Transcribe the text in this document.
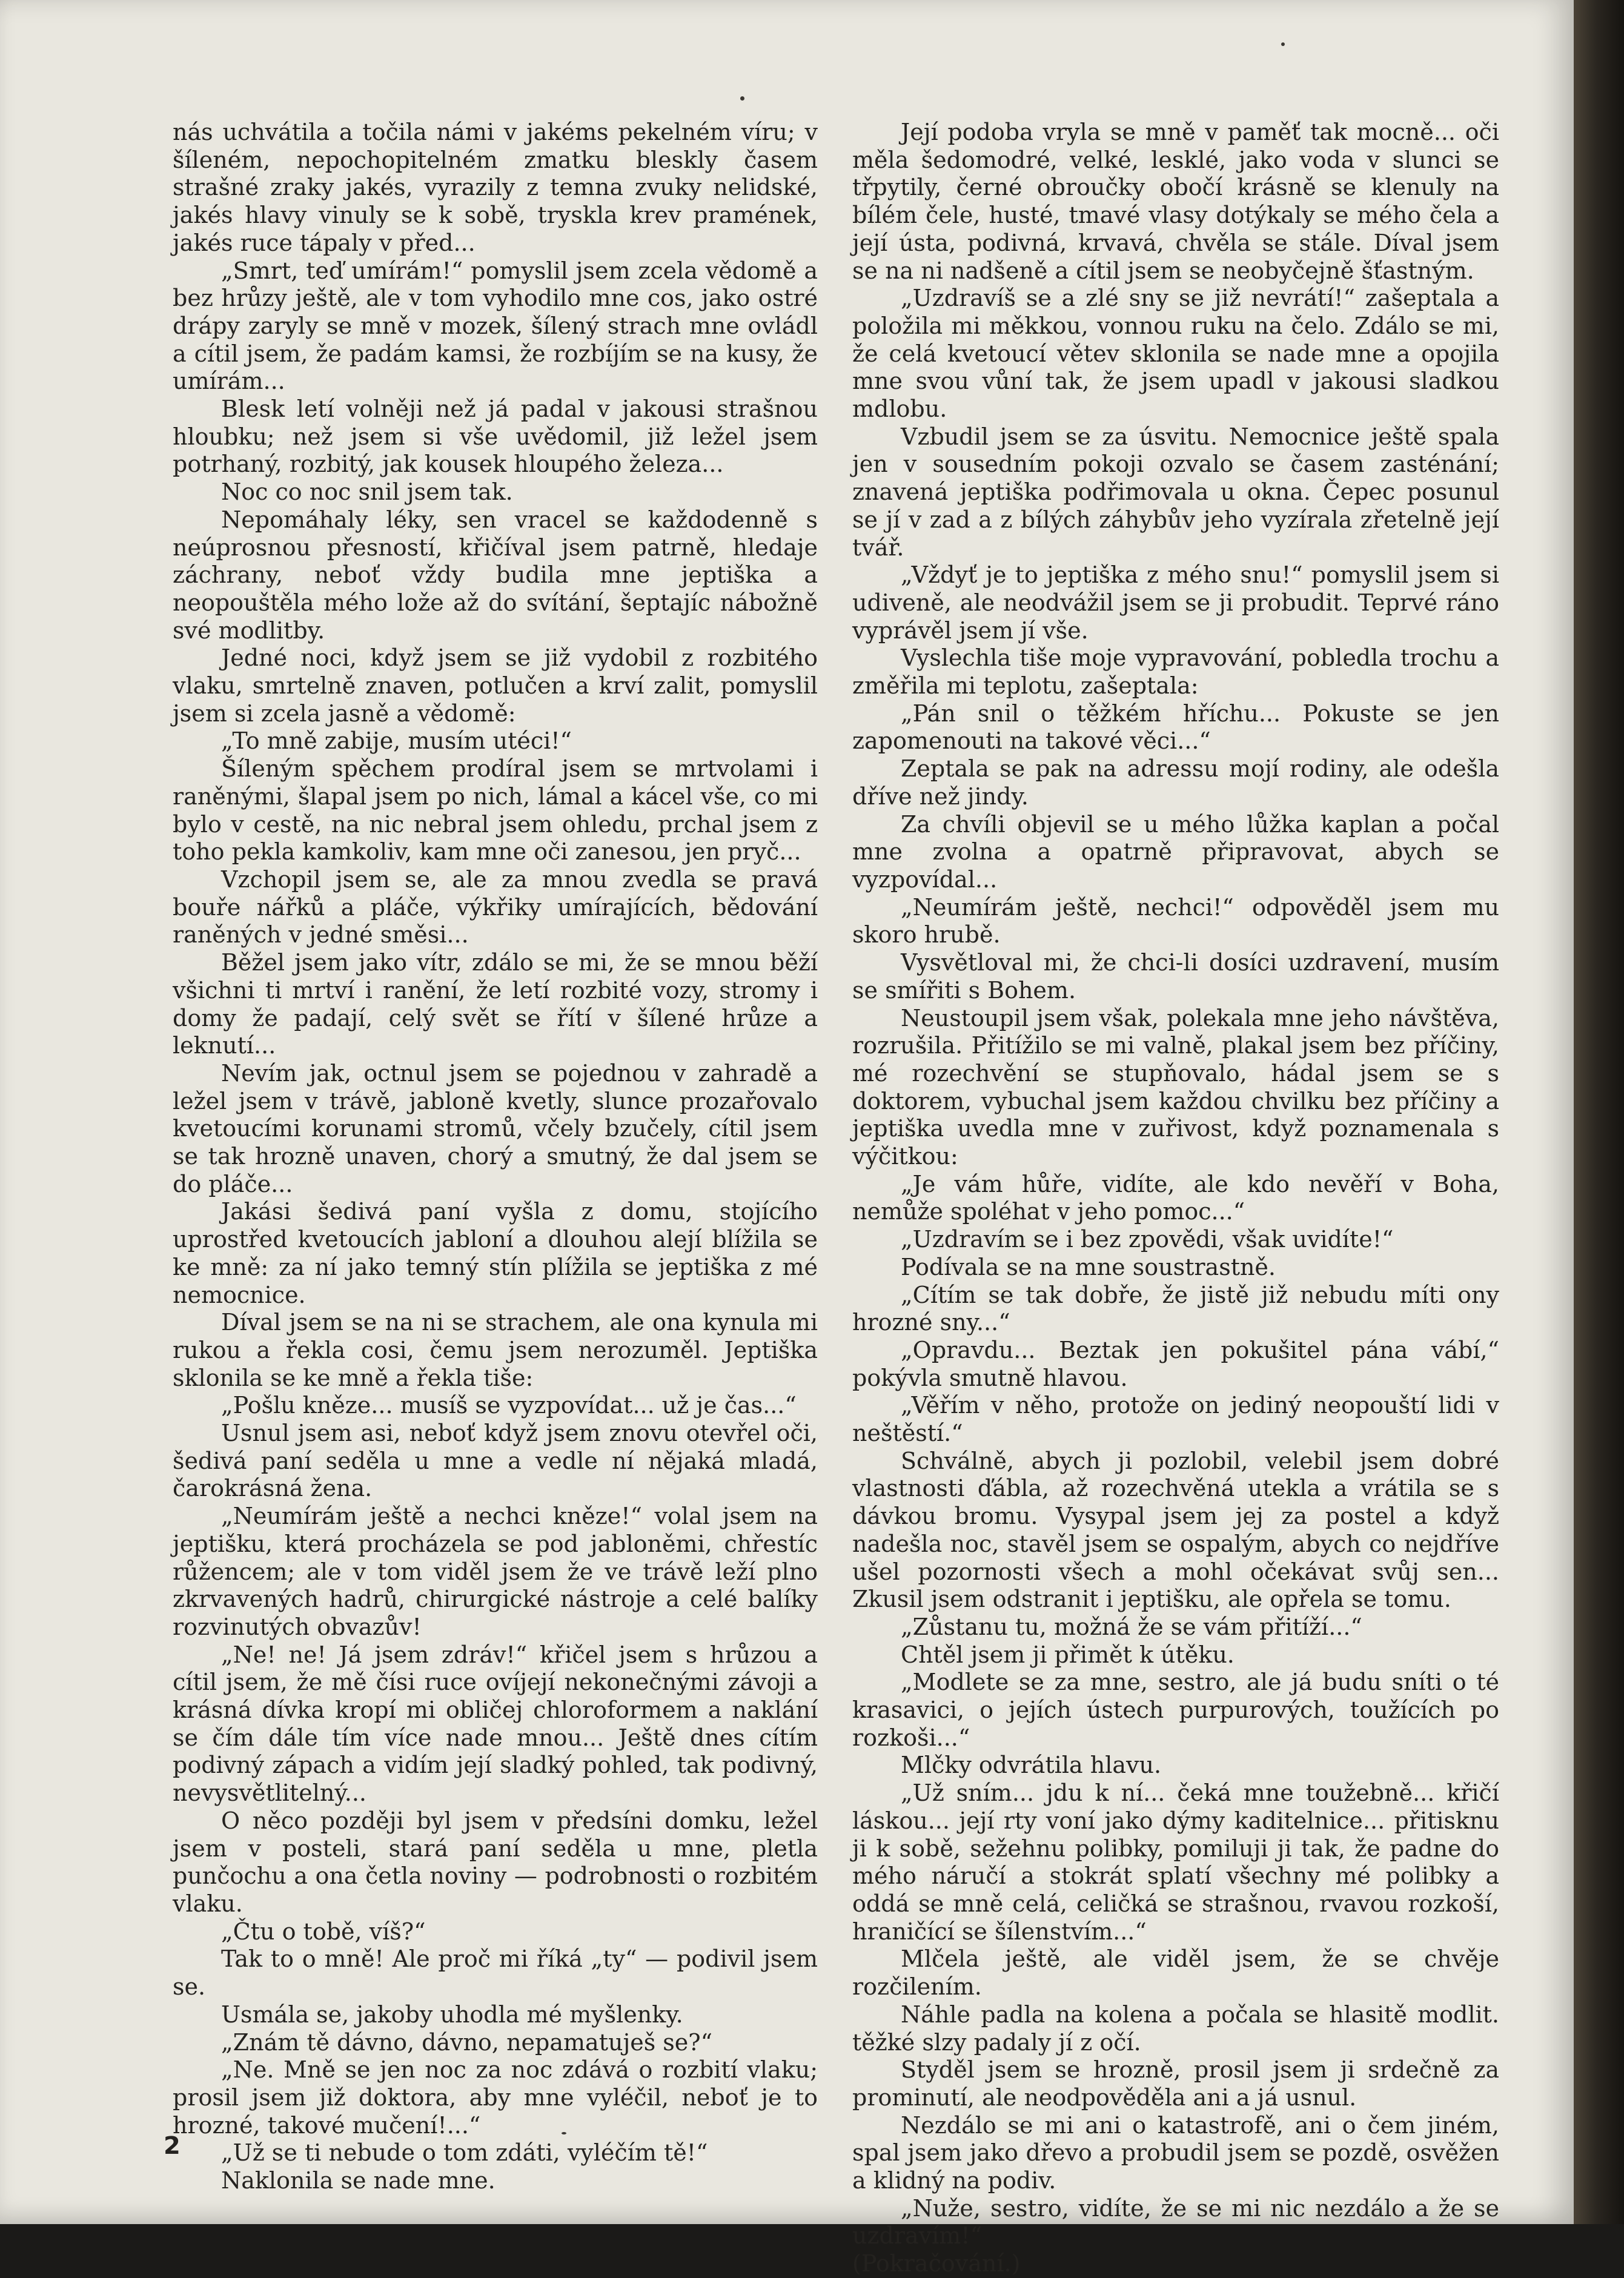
nás uchvátila a točila námi v jakéms pekelném víru; v šíleném, nepochopitelném zmatku bleskly časem strašné zraky jakés, vyrazily z temna zvuky nelidské, jakés hlavy vinuly se k sobě, tryskla krev pramének, jakés ruce tápaly v před...

„Smrt, teď umírám!“ pomyslil jsem zcela vědomě a bez hrůzy ještě, ale v tom vyhodilo mne cos, jako ostré drápy zaryly se mně v mozek, šílený strach mne ovládl a cítil jsem, že padám kamsi, že rozbíjím se na kusy, že umírám...

Blesk letí volněji než já padal v jakousi strašnou hloubku; než jsem si vše uvědomil, již ležel jsem potrhaný, rozbitý, jak kousek hloupého železa...

Noc co noc snil jsem tak.

Nepomáhaly léky, sen vracel se každodenně s neúprosnou přesností, křičíval jsem patrně, hledaje záchrany, neboť vždy budila mne jeptiška a neopouštěla mého lože až do svítání, šeptajíc nábožně své modlitby.

Jedné noci, když jsem se již vydobil z rozbitého vlaku, smrtelně znaven, potlučen a krví zalit, pomyslil jsem si zcela jasně a vědomě:

„To mně zabije, musím utéci!“

Šíleným spěchem prodíral jsem se mrtvolami i raněnými, šlapal jsem po nich, lámal a kácel vše, co mi bylo v cestě, na nic nebral jsem ohledu, prchal jsem z toho pekla kamkoliv, kam mne oči zanesou, jen pryč...

Vzchopil jsem se, ale za mnou zvedla se pravá bouře nářků a pláče, výkřiky umírajících, bědování raněných v jedné směsi...

Běžel jsem jako vítr, zdálo se mi, že se mnou běží všichni ti mrtví i ranění, že letí rozbité vozy, stromy i domy že padají, celý svět se řítí v šílené hrůze a leknutí...

Nevím jak, octnul jsem se pojednou v zahradě a ležel jsem v trávě, jabloně kvetly, slunce prozařovalo kvetoucími korunami stromů, včely bzučely, cítil jsem se tak hrozně unaven, chorý a smutný, že dal jsem se do pláče...

Jakási šedivá paní vyšla z domu, stojícího uprostřed kvetoucích jabloní a dlouhou alejí blížila se ke mně: za ní jako temný stín plížila se jeptiška z mé nemocnice.

Díval jsem se na ni se strachem, ale ona kynula mi rukou a řekla cosi, čemu jsem nerozuměl. Jeptiška sklonila se ke mně a řekla tiše:

„Pošlu kněze... musíš se vyzpovídat... už je čas...“

Usnul jsem asi, neboť když jsem znovu otevřel oči, šedivá paní seděla u mne a vedle ní nějaká mladá, čarokrásná žena.

„Neumírám ještě a nechci kněze!“ volal jsem na jeptišku, která procházela se pod jabloněmi, chřestíc růžencem; ale v tom viděl jsem že ve trávě leží plno zkrvavených hadrů, chirurgické nástroje a celé balíky rozvinutých obvazův!

„Ne! ne! Já jsem zdráv!“ křičel jsem s hrůzou a cítil jsem, že mě čísi ruce ovíjejí nekonečnými závoji a krásná dívka kropí mi obličej chloroformem a naklání se čím dále tím více nade mnou... Ještě dnes cítím podivný zápach a vidím její sladký pohled, tak podivný, nevysvětlitelný...

O něco později byl jsem v předsíni domku, ležel jsem v posteli, stará paní seděla u mne, pletla punčochu a ona četla noviny — podrobnosti o rozbitém vlaku.

„Čtu o tobě, víš?“

Tak to o mně! Ale proč mi říká „ty“ — podivil jsem se.

Usmála se, jakoby uhodla mé myšlenky.

„Znám tě dávno, dávno, nepamatuješ se?“

„Ne. Mně se jen noc za noc zdává o rozbití vlaku; prosil jsem již doktora, aby mne vyléčil, neboť je to hrozné, takové mučení!...“

„Už se ti nebude o tom zdáti, vyléčím tě!“

Naklonila se nade mne.

Její podoba vryla se mně v paměť tak mocně... oči měla šedomodré, velké, lesklé, jako voda v slunci se třpytily, černé obroučky obočí krásně se klenuly na bílém čele, husté, tmavé vlasy dotýkaly se mého čela a její ústa, podivná, krvavá, chvěla se stále. Díval jsem se na ni nadšeně a cítil jsem se neobyčejně šťastným.

„Uzdravíš se a zlé sny se již nevrátí!“ zašeptala a položila mi měkkou, vonnou ruku na čelo. Zdálo se mi, že celá kvetoucí větev sklonila se nade mne a opojila mne svou vůní tak, že jsem upadl v jakousi sladkou mdlobu.

Vzbudil jsem se za úsvitu. Nemocnice ještě spala jen v sousedním pokoji ozvalo se časem zasténání; znavená jeptiška podřimovala u okna. Čepec posunul se jí v zad a z bílých záhybův jeho vyzírala zřetelně její tvář.

„Vždyť je to jeptiška z mého snu!“ pomyslil jsem si udiveně, ale neodvážil jsem se ji probudit. Teprvé ráno vyprávěl jsem jí vše.

Vyslechla tiše moje vypravování, pobledla trochu a změřila mi teplotu, zašeptala:

„Pán snil o těžkém hříchu... Pokuste se jen zapomenouti na takové věci...“

Zeptala se pak na adressu mojí rodiny, ale odešla dříve než jindy.

Za chvíli objevil se u mého lůžka kaplan a počal mne zvolna a opatrně připravovat, abych se vyzpovídal...

„Neumírám ještě, nechci!“ odpověděl jsem mu skoro hrubě.

Vysvětloval mi, že chci-li dosíci uzdravení, musím se smířiti s Bohem.

Neustoupil jsem však, polekala mne jeho návštěva, rozrušila. Přitížilo se mi valně, plakal jsem bez příčiny, mé rozechvění se stupňovalo, hádal jsem se s doktorem, vybuchal jsem každou chvilku bez příčiny a jeptiška uvedla mne v zuřivost, když poznamenala s výčitkou:

„Je vám hůře, vidíte, ale kdo nevěří v Boha, nemůže spoléhat v jeho pomoc...“

„Uzdravím se i bez zpovědi, však uvidíte!“

Podívala se na mne soustrastně.

„Cítím se tak dobře, že jistě již nebudu míti ony hrozné sny...“

„Opravdu... Beztak jen pokušitel pána vábí,“ pokývla smutně hlavou.

„Věřím v něho, protože on jediný neopouští lidi v neštěstí.“

Schválně, abych ji pozlobil, velebil jsem dobré vlastnosti ďábla, až rozechvěná utekla a vrátila se s dávkou bromu. Vysypal jsem jej za postel a když nadešla noc, stavěl jsem se ospalým, abych co nejdříve ušel pozornosti všech a mohl očekávat svůj sen... Zkusil jsem odstranit i jeptišku, ale opřela se tomu.

„Zůstanu tu, možná že se vám přitíží...“

Chtěl jsem ji přimět k útěku.

„Modlete se za mne, sestro, ale já budu sníti o té krasavici, o jejích ústech purpurových, toužících po rozkoši...“

Mlčky odvrátila hlavu.

„Už sním... jdu k ní... čeká mne toužebně... křičí láskou... její rty voní jako dýmy kaditelnice... přitisknu ji k sobě, sežehnu polibky, pomiluji ji tak, že padne do mého náručí a stokrát splatí všechny mé polibky a oddá se mně celá, celičká se strašnou, rvavou rozkoší, hraničící se šílenstvím...“

Mlčela ještě, ale viděl jsem, že se chvěje rozčilením.

Náhle padla na kolena a počala se hlasitě modlit. těžké slzy padaly jí z očí.

Styděl jsem se hrozně, prosil jsem ji srdečně za prominutí, ale neodpověděla ani a já usnul.

Nezdálo se mi ani o katastrofě, ani o čem jiném, spal jsem jako dřevo a probudil jsem se pozdě, osvěžen a klidný na podiv.

„Nuže, sestro, vidíte, že se mi nic nezdálo a že se uzdravím!“

(Pokračování.)

2
